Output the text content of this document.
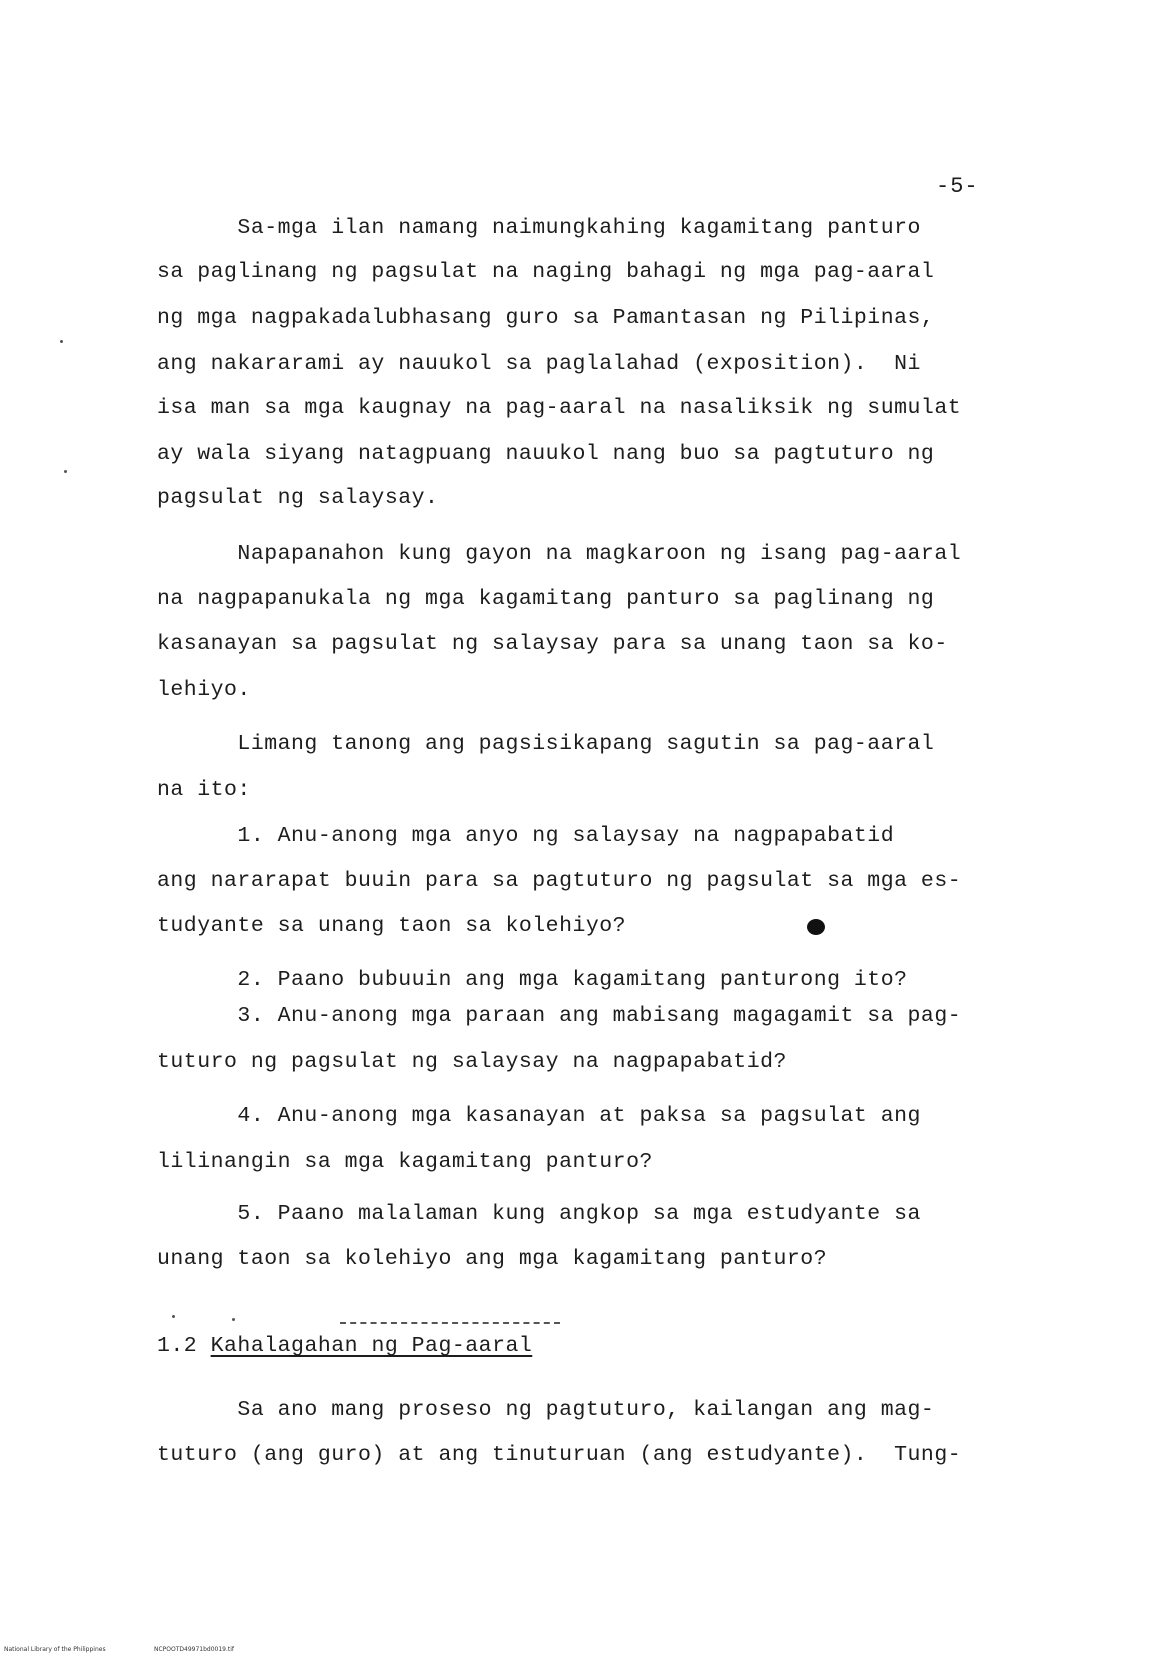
-5-
Sa-mga ilan namang naimungkahing kagamitang panturo
sa paglinang ng pagsulat na naging bahagi ng mga pag-aaral
ng mga nagpakadalubhasang guro sa Pamantasan ng Pilipinas,
ang nakararami ay nauukol sa paglalahad (exposition).  Ni
isa man sa mga kaugnay na pag-aaral na nasaliksik ng sumulat
ay wala siyang natagpuang nauukol nang buo sa pagtuturo ng
pagsulat ng salaysay.
Napapanahon kung gayon na magkaroon ng isang pag-aaral
na nagpapanukala ng mga kagamitang panturo sa paglinang ng
kasanayan sa pagsulat ng salaysay para sa unang taon sa ko-
lehiyo.
Limang tanong ang pagsisikapang sagutin sa pag-aaral
na ito:
1. Anu-anong mga anyo ng salaysay na nagpapabatid
ang nararapat buuin para sa pagtuturo ng pagsulat sa mga es-
tudyante sa unang taon sa kolehiyo?
2. Paano bubuuin ang mga kagamitang panturong ito?
3. Anu-anong mga paraan ang mabisang magagamit sa pag-
tuturo ng pagsulat ng salaysay na nagpapabatid?
4. Anu-anong mga kasanayan at paksa sa pagsulat ang
lilinangin sa mga kagamitang panturo?
5. Paano malalaman kung angkop sa mga estudyante sa
unang taon sa kolehiyo ang mga kagamitang panturo?
1.2 Kahalagahan ng Pag-aaral
Sa ano mang proseso ng pagtuturo, kailangan ang mag-
tuturo (ang guro) at ang tinuturuan (ang estudyante).  Tung-
National Library of the Philippines	NCPOOTD49971bd0019.tif
